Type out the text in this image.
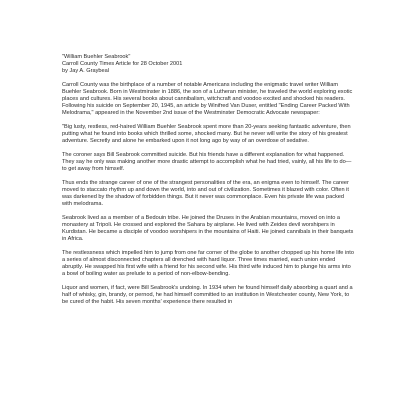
"William Buehler Seabrook"

Carroll County Times Article for 28 October 2001

by Jay A. Graybeal

Carroll County was the birthplace of a number of notable Americans including the enigmatic travel writer William Buehler Seabrook. Born in Westminster in 1886, the son of a Lutheran minister, he traveled the world exploring exotic places and cultures. His several books about cannibalism, witchcraft and voodoo excited and shocked his readers. Following his suicide on September 20, 1945, an article by Winifred Van Duser, entitled "Ending Career Packed With Melodrama," appeared in the November 2nd issue of the Westminster Democratic Advocate newspaper:

"Big lusty, restless, red-haired William Buehler Seabrook spent more than 20-years seeking fantastic adventure, then putting what he found into books which thrilled some, shocked many. But he never will write the story of his greatest adventure. Secretly and alone he embarked upon it not long ago by way of an overdose of sedative.

The coroner says Bill Seabrook committed suicide. But his friends have a different explanation for what happened. They say he only was making another more drastic attempt to accomplish what he had tried, vainly, all his life to do—to get away from himself.

Thus ends the strange career of one of the strangest personalities of the era, an enigma even to himself. The career moved to staccato rhythm up and down the world, into and out of civilization. Sometimes it blazed with color. Often it was darkened by the shadow of forbidden things. But it never was commonplace. Even his private life was packed with melodrama.

Seabrook lived as a member of a Bedouin tribe. He joined the Druses in the Arabian mountains, moved on into a monastery at Tripoli. He crossed and explored the Sahara by airplane. He lived with Zeides devil worshipers in Kurdistan. He became a disciple of voodoo worshipers in the mountains of Haiti. He joined cannibals in their banquets in Africa.

The restlessness which impelled him to jump from one far corner of the globe to another chopped up his home life into a series of almost disconnected chapters all drenched with hard liquor. Three times married, each union ended abruptly. He swapped his first wife with a friend for his second wife. His third wife induced him to plunge his arms into a bowl of boiling water as prelude to a period of non-elbow-bending.

Liquor and women, if fact, were Bill Seabrook's undoing. In 1934 when he found himself daily absorbing a quart and a half of whisky, gin, brandy, or pernod, he had himself committed to an institution in Westchester county, New York, to be cured of the habit. His seven months' experience there resulted in
